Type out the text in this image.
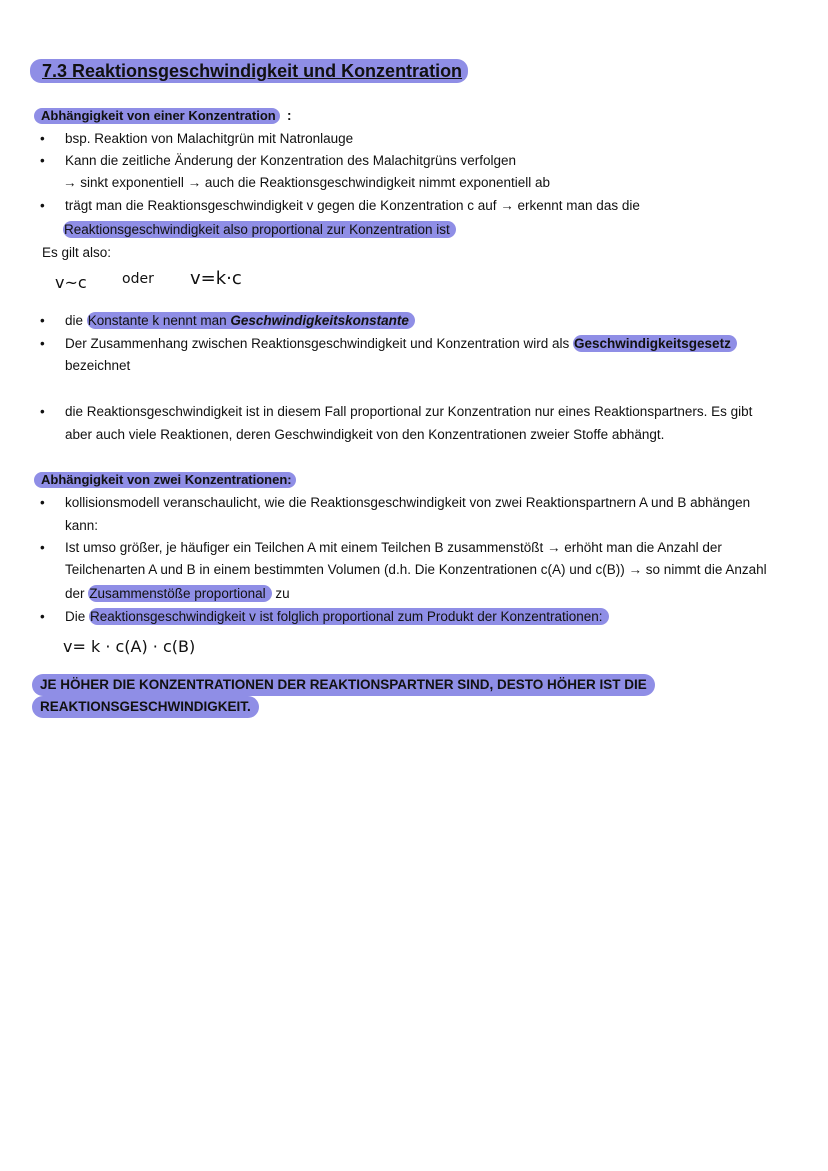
7.3 Reaktionsgeschwindigkeit und Konzentration
Abhängigkeit von einer Konzentration :
• bsp. Reaktion von Malachitgrün mit Natronlauge
• Kann die zeitliche Änderung der Konzentration des Malachitgrüns verfolgen
→ sinkt exponentiell → auch die Reaktionsgeschwindigkeit nimmt exponentiell ab
• trägt man die Reaktionsgeschwindigkeit v gegen die Konzentration c auf → erkennt man das die
Reaktionsgeschwindigkeit also proportional zur Konzentration ist
Es gilt also:
v~c	oder v=k·c
• die Konstante k nennt man Geschwindigkeitskonstante
• Der Zusammenhang zwischen Reaktionsgeschwindigkeit und Konzentration wird als Geschwindigkeitsgesetz
bezeichnet
• die Reaktionsgeschwindigkeit ist in diesem Fall proportional zur Konzentration nur eines Reaktionspartners. Es gibt
aber auch viele Reaktionen, deren Geschwindigkeit von den Konzentrationen zweier Stoffe abhängt.
Abhängigkeit von zwei Konzentrationen:
• kollisionsmodell veranschaulicht, wie die Reaktionsgeschwindigkeit von zwei Reaktionspartnern A und B abhängen
kann:
• Ist umso größer, je häufiger ein Teilchen A mit einem Teilchen B zusammenstößt → erhöht man die Anzahl der
Teilchenarten A und B in einem bestimmten Volumen (d.h. Die Konzentrationen c(A) und c(B)) → so nimmt die Anzahl
der Zusammenstöße proportional zu
• Die Reaktionsgeschwindigkeit v ist folglich proportional zum Produkt der Konzentrationen:
v= k · c(A) · c(B)
JE HÖHER DIE KONZENTRATIONEN DER REAKTIONSPARTNER SIND, DESTO HÖHER IST DIE
REAKTIONSGESCHWINDIGKEIT.
